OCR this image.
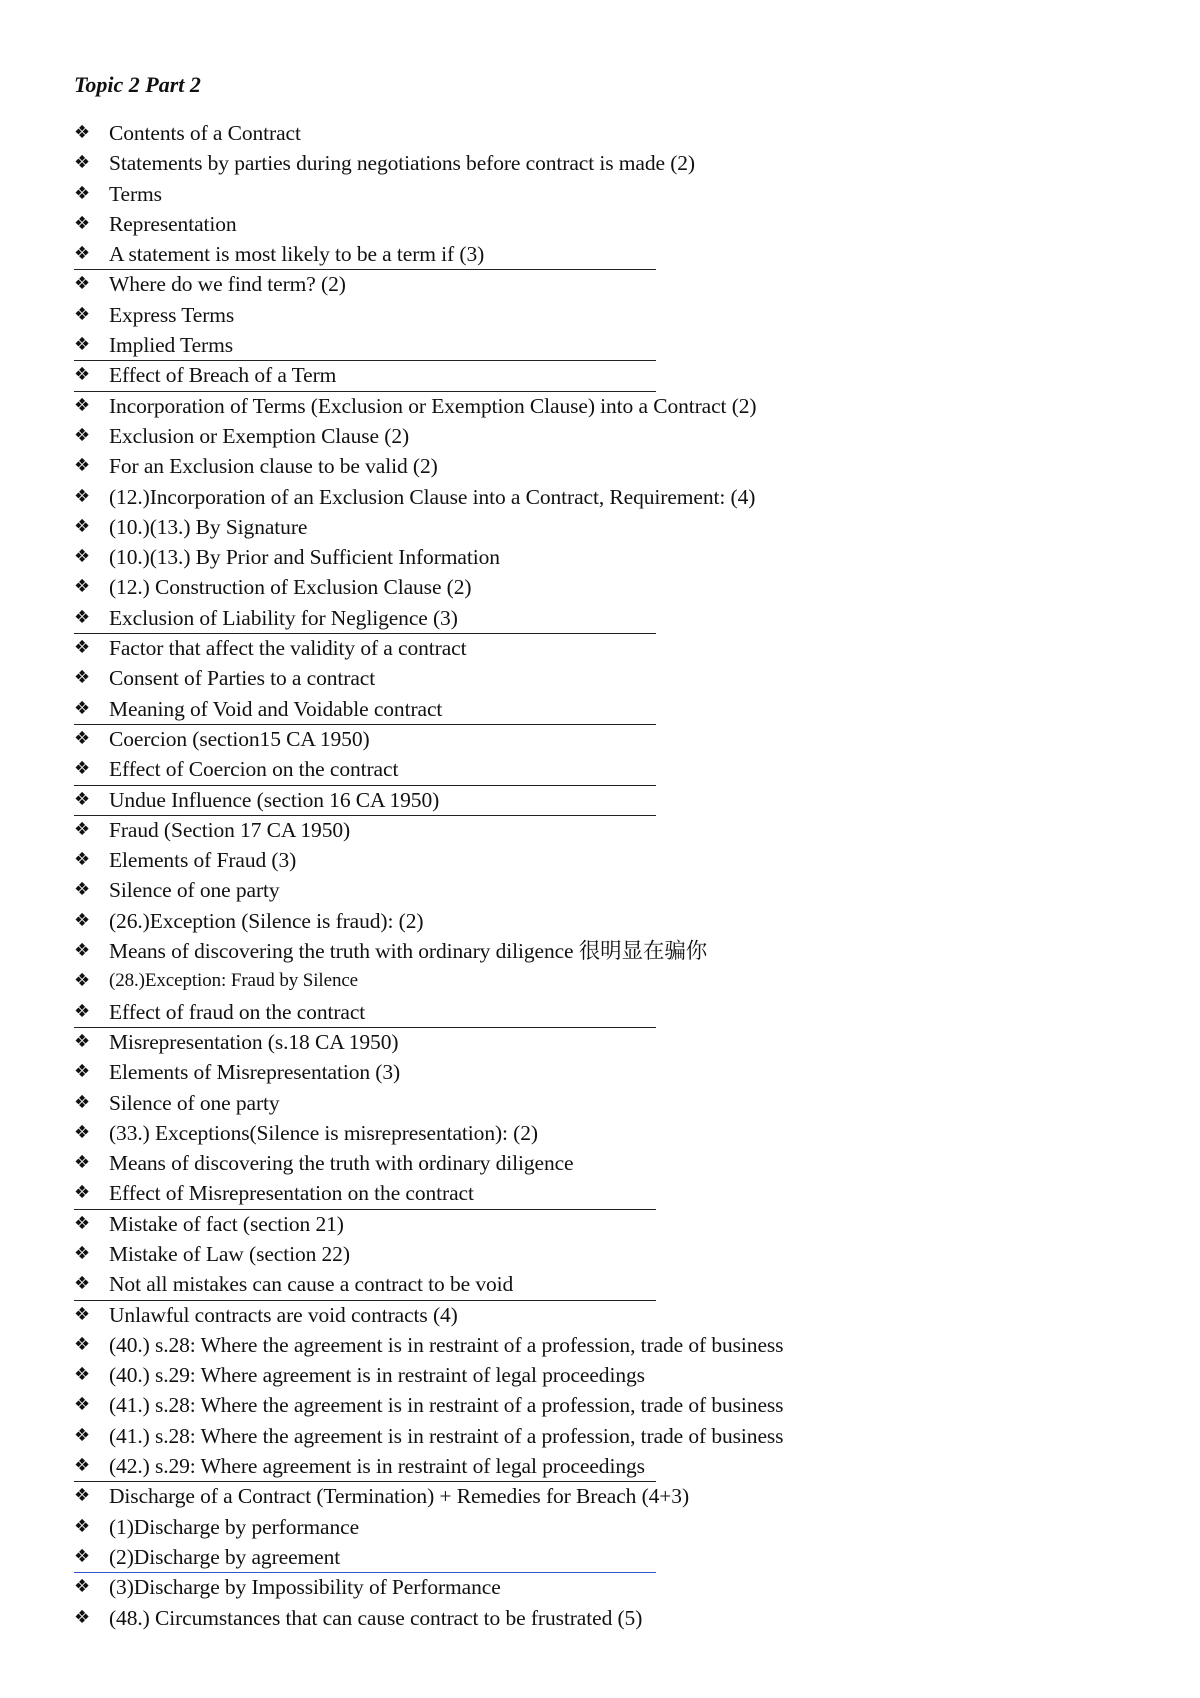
Topic 2 Part 2
❖ Contents of a Contract
❖ Statements by parties during negotiations before contract is made (2)
❖ Terms
❖ Representation
❖ A statement is most likely to be a term if (3)
❖ Where do we find term? (2)
❖ Express Terms
❖ Implied Terms
❖ Effect of Breach of a Term
❖ Incorporation of Terms (Exclusion or Exemption Clause) into a Contract (2)
❖ Exclusion or Exemption Clause (2)
❖ For an Exclusion clause to be valid (2)
❖ (12.)Incorporation of an Exclusion Clause into a Contract, Requirement: (4)
❖ (10.)(13.) By Signature
❖ (10.)(13.) By Prior and Sufficient Information
❖ (12.) Construction of Exclusion Clause (2)
❖ Exclusion of Liability for Negligence (3)
❖ Factor that affect the validity of a contract
❖ Consent of Parties to a contract
❖ Meaning of Void and Voidable contract
❖ Coercion (section15 CA 1950)
❖ Effect of Coercion on the contract
❖ Undue Influence (section 16 CA 1950)
❖ Fraud (Section 17 CA 1950)
❖ Elements of Fraud (3)
❖ Silence of one party
❖ (26.)Exception (Silence is fraud): (2)
❖ Means of discovering the truth with ordinary diligence 很明显在骗你
❖ (28.)Exception: Fraud by Silence
❖ Effect of fraud on the contract
❖ Misrepresentation (s.18 CA 1950)
❖ Elements of Misrepresentation (3)
❖ Silence of one party
❖ (33.) Exceptions(Silence is misrepresentation): (2)
❖ Means of discovering the truth with ordinary diligence
❖ Effect of Misrepresentation on the contract
❖ Mistake of fact (section 21)
❖ Mistake of Law (section 22)
❖ Not all mistakes can cause a contract to be void
❖ Unlawful contracts are void contracts (4)
❖ (40.) s.28: Where the agreement is in restraint of a profession, trade of business
❖ (40.) s.29: Where agreement is in restraint of legal proceedings
❖ (41.) s.28: Where the agreement is in restraint of a profession, trade of business
❖ (41.) s.28: Where the agreement is in restraint of a profession, trade of business
❖ (42.) s.29: Where agreement is in restraint of legal proceedings
❖ Discharge of a Contract (Termination) + Remedies for Breach (4+3)
❖ (1)Discharge by performance
❖ (2)Discharge by agreement
❖ (3)Discharge by Impossibility of Performance
❖ (48.) Circumstances that can cause contract to be frustrated (5)
